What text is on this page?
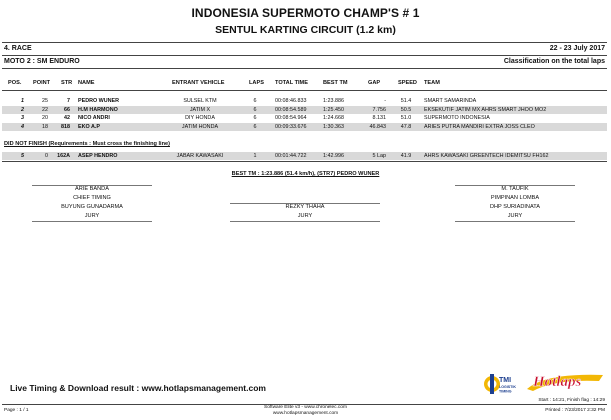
INDONESIA SUPERMOTO CHAMP'S # 1
SENTUL KARTING CIRCUIT (1.2 km)
4. RACE	22 - 23 July 2017
MOTO 2 : SM ENDURO	Classification on the total laps
POS. POINT STR NAME	ENTRANT VEHICLE	LAPS TOTAL TIME	BEST TM	GAP	SPEED TEAM
1	25	7 PEDRO WUNER	SULSEL KTM	6	00:08:46.833	1:23.886	-	51.4	SMART SAMARINDA
2	22	66 H.M HARMONO	JATIM X	6	00:08:54.589	1:25.450	7.756	50.5	EKSEKUTIF JATIM MX AHRS SMART JHOO MO2
3	20	42 NICO ANDRI	DIY HONDA	6	00:08:54.964	1:24.668	8.131	51.0	SUPERMOTO INDONESIA
4	18	818 EKO A.P	JATIM HONDA	6	00:09:33.676	1:30.363	46.843	47.8	ARIES PUTRA MANDIRI EXTRA JOSS CLEO
DID NOT FINISH (Requirements : Must cross the finishing line)
5	0 162A ASEP HENDRO	JABAR KAWASAKI	1	00:01:44.722	1:42.996	5 Lap	41.9	AHRS KAWASAKI GREENTECH IDEMITSU FH162
BEST TM : 1:23.886 (51.4 km/h), (STR7) PEDRO WUNER
ARIE BANDA
CHIEF TIMING
BUYUNG GUNADARMA
JURY
REZKY THAHA
JURY
M. TAUFIK
PIMPINAN LOMBA
DHP SURIADINATA
JURY
Live Timing & Download result : www.hotlapsmanagement.com
TMI
LOGISTIK
TIMING
Hotlaps
Start : 14:21, Finish flag : 14:29
Page : 1 / 1
Software Elite v3 - www.chronelec.com
www.hotlapsmanagement.com
Printed : 7/23/2017 2:32 PM
